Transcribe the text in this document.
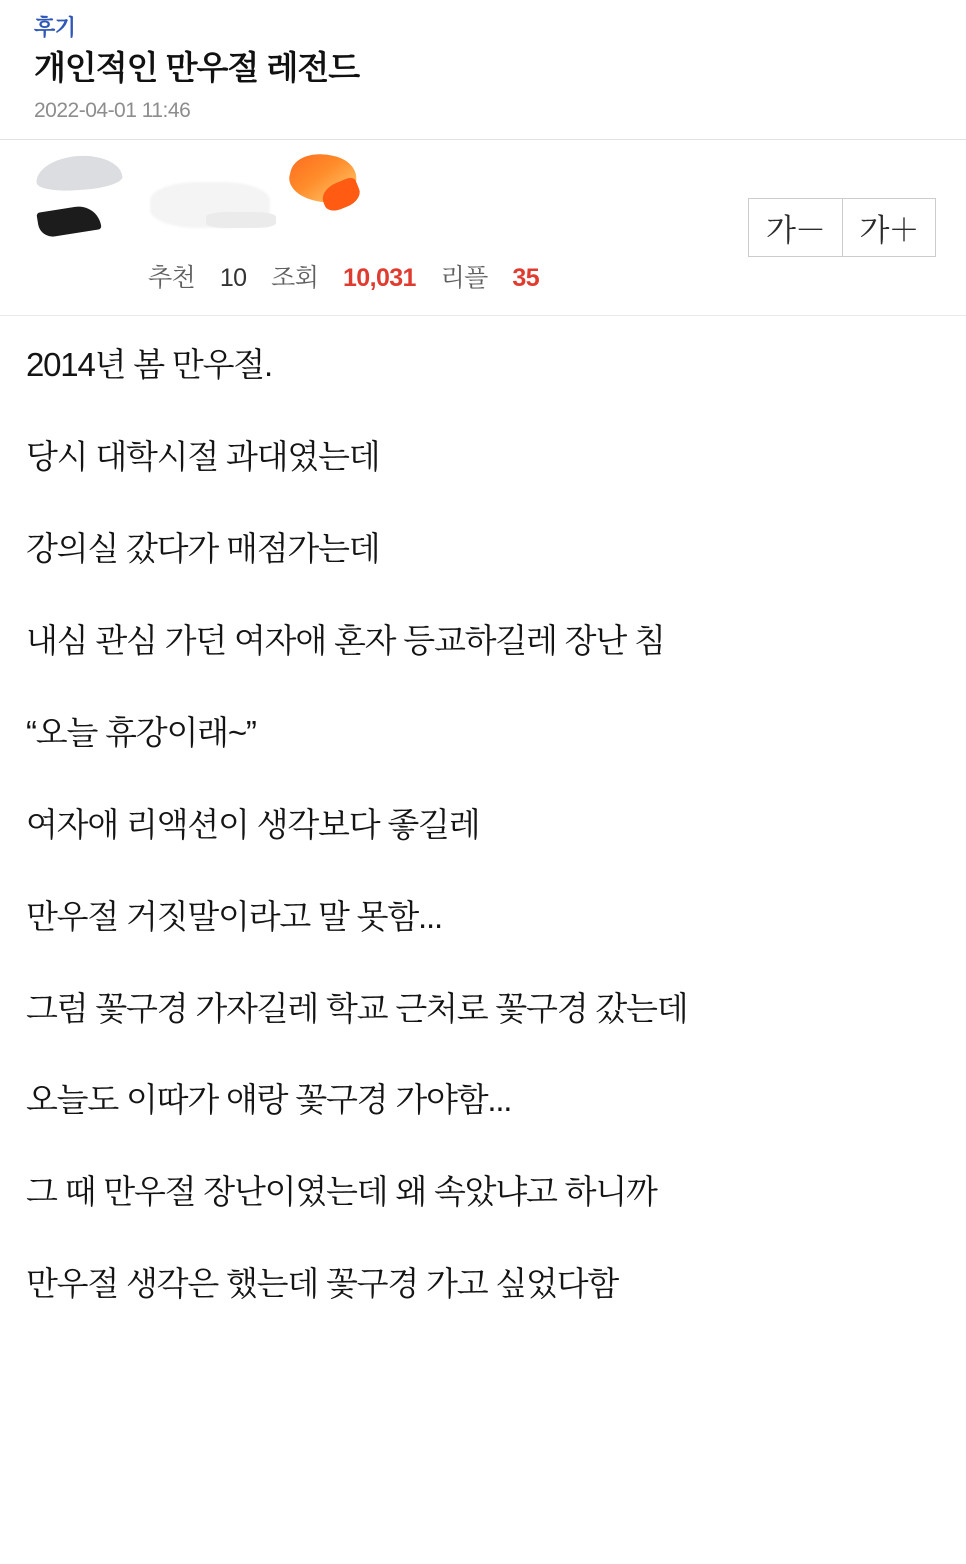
후기
개인적인 만우절 레전드
2022-04-01 11:46
추천 10 조회 10,031 리플 35
가－	가＋

2014년 봄 만우절.

당시 대학시절 과대였는데

강의실 갔다가 매점가는데

내심 관심 가던 여자애 혼자 등교하길레 장난 침

“오늘 휴강이래~”

여자애 리액션이 생각보다 좋길레

만우절 거짓말이라고 말 못함...

그럼 꽃구경 가자길레 학교 근처로 꽃구경 갔는데

오늘도 이따가 얘랑 꽃구경 가야함...

그 때 만우절 장난이였는데 왜 속았냐고 하니까

만우절 생각은 했는데 꽃구경 가고 싶었다함
